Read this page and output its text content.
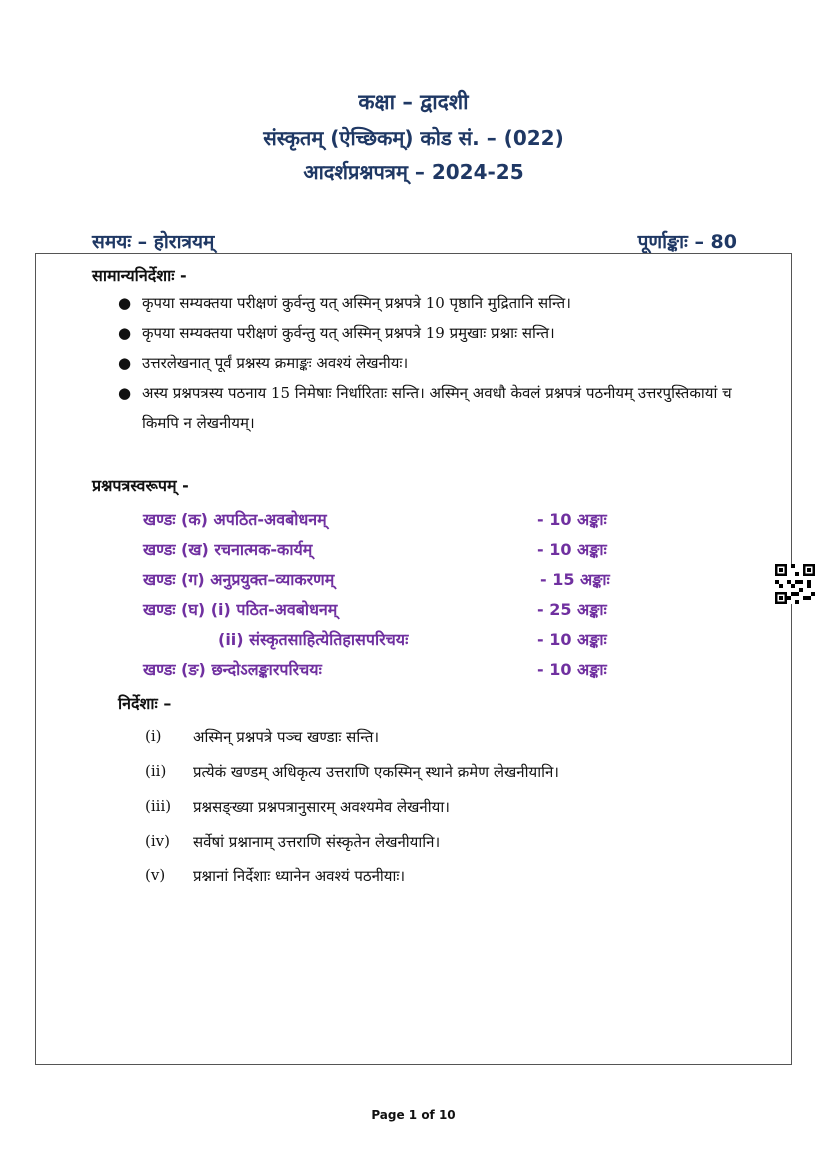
कक्षा – द्वादशी
संस्कृतम् (ऐच्छिकम्) कोड सं. – (022)
आदर्शप्रश्नपत्रम् – 2024-25
समयः – होरात्रयम्	पूर्णाङ्काः – 80
सामान्यनिर्देशाः -
● कृपया सम्यक्तया परीक्षणं कुर्वन्तु यत् अस्मिन् प्रश्नपत्रे 10 पृष्ठानि मुद्रितानि सन्ति।
● कृपया सम्यक्तया परीक्षणं कुर्वन्तु यत् अस्मिन् प्रश्नपत्रे 19 प्रमुखाः प्रश्नाः सन्ति।
● उत्तरलेखनात् पूर्वं प्रश्नस्य क्रमाङ्कः अवश्यं लेखनीयः।
● अस्य प्रश्नपत्रस्य पठनाय 15 निमेषाः निर्धारिताः सन्ति। अस्मिन् अवधौ केवलं प्रश्नपत्रं पठनीयम् उत्तरपुस्तिकायां च किमपि न लेखनीयम्।
प्रश्नपत्रस्वरूपम् -
खण्डः (क) अपठित-अवबोधनम्	- 10 अङ्काः
खण्डः (ख) रचनात्मक-कार्यम्	- 10 अङ्काः
खण्डः (ग) अनुप्रयुक्त–व्याकरणम्	- 15 अङ्काः
खण्डः (घ) (i) पठित-अवबोधनम्	- 25 अङ्काः
(ii) संस्कृतसाहित्येतिहासपरिचयः	- 10 अङ्काः
खण्डः (ङ) छन्दोऽलङ्कारपरिचयः	- 10 अङ्काः
निर्देशाः –
(i) अस्मिन् प्रश्नपत्रे पञ्च खण्डाः सन्ति।
(ii) प्रत्येकं खण्डम् अधिकृत्य उत्तराणि एकस्मिन् स्थाने क्रमेण लेखनीयानि।
(iii) प्रश्नसङ्ख्या प्रश्नपत्रानुसारम् अवश्यमेव लेखनीया।
(iv) सर्वेषां प्रश्नानाम् उत्तराणि संस्कृतेन लेखनीयानि।
(v) प्रश्नानां निर्देशाः ध्यानेन अवश्यं पठनीयाः।
Page 1 of 10
